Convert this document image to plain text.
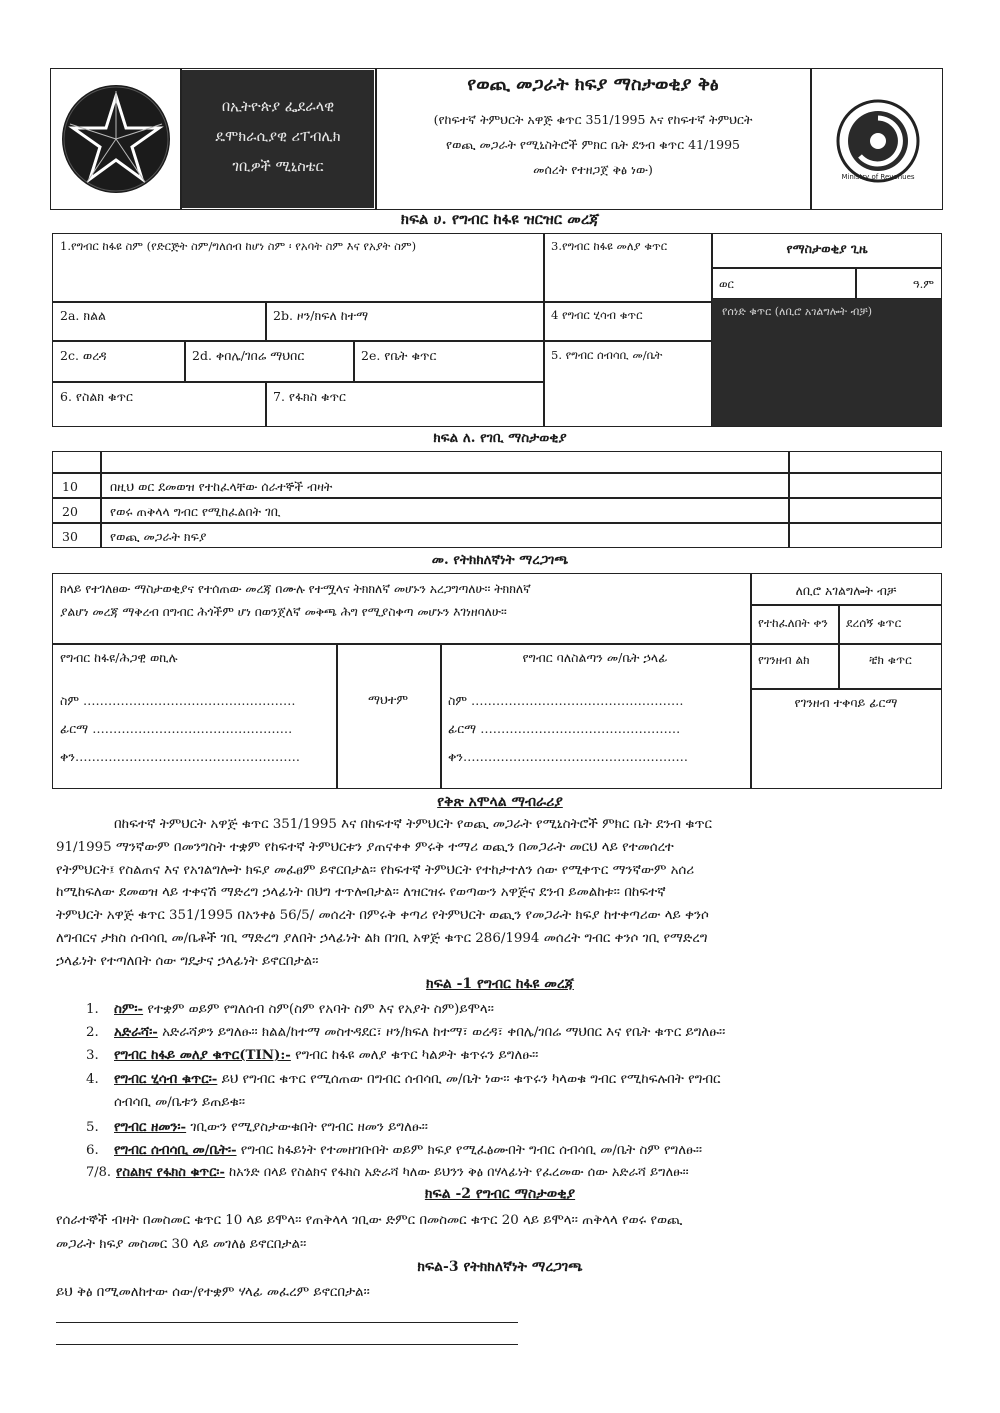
በኢትዮጵያ ፌደራላዊ
ዴሞክራሲያዊ ሪፐብሊክ
ገቢዎች ሚኒስቴር
የወጪ መጋራት ክፍያ ማስታወቂያ ቅፅ
(የከፍተኛ ትምህርት አዋጅ ቁጥር 351/1995 እና የከፍተኛ ትምህርት
የወጪ መጋራት የሚኒስትሮች ምክር ቤት ደንብ ቁጥር 41/1995
መሰረት የተዘጋጀ ቅፅ ነው)	Ministry of Revenues
ክፍል ሀ. የግብር ከፋዩ ዝርዝር መረጃ
1.የግብር ከፋዩ ስም (የድርጅት ስም/ግለሰብ ከሆነ ስም ፡ የአባት ስም እና የአያት ስም)	3.የግብር ከፋዩ መለያ ቁጥር	የማስታወቂያ ጊዜ
ወር	ዓ.ም
የሰነድ ቁጥር (ለቢሮ አገልግሎት ብቻ)
2a. ክልል	2b. ዞን/ክፍለ ከተማ	4 የግብር ሂሳብ ቁጥር
2c. ወረዳ	2d. ቀበሌ/ገበሬ ማህበር	2e. የቤት ቁጥር	5. የግብር ሰብሳቢ መ/ቤት
6. የስልክ ቁጥር	7. የፋክስ ቁጥር
ክፍል ለ. የገቢ ማስታወቂያ
10	በዚህ ወር ደመወዝ የተከፈላቸው ሰራተኞች ብዛት
20	የወሩ ጠቅላላ ግብር የሚከፈልበት ገቢ
30	የወጪ መጋራት ክፍያ
መ. የትክክለኛነት ማረጋገጫ
ክላይ የተገለፀው ማስታወቂያና የተሰጠው መረጃ በሙሉ የተሟላና ትክክለኛ መሆኑን አረጋግጣለሁ፡፡ ትክክለኛ
ያልሆነ መረጃ ማቅረብ በግብር ሕጎችም ሆነ በወንጀለኛ መቅጫ ሕግ የሚያስቀጣ መሆኑን እገነዘባለሁ፡፡
ለቢሮ አገልግሎት ብቻ
የተከፈለበት ቀን	ደረሰኝ ቁጥር
የግብር ከፋዩ/ሕጋዊ ወኪሉ
ማህተም
የግብር ባለስልጣን መ/ቤት ኃላፊ	የገንዘብ ልክ	ቼክ ቁጥር
የገንዘብ ተቀባይ ፊርማ
ስም ……………………………………………
ፊርማ …………………………………………
ቀን………………………………………………
ስም ……………………………………………
ፊርማ …………………………………………
ቀን………………………………………………
የቅጽ አሞላል ማብራሪያ
በከፍተኛ ትምህርት አዋጅ ቁጥር 351/1995 እና በከፍተኛ ትምህርት የወጪ መጋራት የሚኒስትሮች ምክር ቤት ደንብ ቁጥር
91/1995 ማንኛውም በመንግስት ተቋም የከፍተኛ ትምህርቱን ያጠናቀቀ ምሩቅ ተማሪ ወጪን በመጋራት መርህ ላይ የተመሰረተ
የትምህርት፤ የስልጠና እና የአገልግሎት ክፍያ መፈፀም ይኖርበታል፡፡ የከፍተኛ ትምህርት የተከታተለን ሰው የሚቀጥር ማንኛውም አሰሪ
ከሚከፍለው ደመወዝ ላይ ተቀናሽ ማድረግ ኃላፊነት በህግ ተጥሎበታል፡፡ ለዝርዝሩ የወጣውን አዋጅና ደንብ ይመልከቱ፡፡ በከፍተኛ
ትምህርት አዋጅ ቁጥር 351/1995 በአንቀፅ 56/5/ መሰረት በምሩቅ ቀጣሪ የትምህርት ወጪን የመጋራት ክፍያ ከተቀጣሪው ላይ ቀንሶ
ለግብርና ታክስ ሰብሳቢ መ/ቤቶች ገቢ ማድረግ ያለበት ኃላፊነት ልክ በገቢ አዋጅ ቁጥር 286/1994 መሰረት ግብር ቀንሶ ገቢ የማድረግ
ኃላፊነት የተጣለበት ሰው ግዴታና ኃላፊነት ይኖርበታል፡፡
ክፍል -1 የግብር ከፋዩ መረጃ
1. ስም፡- የተቋም ወይም የግለሰብ ስም(ስም የአባት ስም እና የአያት ስም)ይሞላ፡፡
2. አድራሻ፡- አድራሻዎን ይግለፁ፡፡ ክልል/ከተማ መስተዳደር፣ ዞን/ክፍለ ከተማ፣ ወረዳ፣ ቀበሌ/ገበሬ ማህበር እና የቤት ቁጥር ይግለፁ፡፡
3. የግብር ከፋይ መለያ ቁጥር(TIN):- የግብር ከፋዩ መለያ ቁጥር ካልዎት ቁጥሩን ይግለፁ፡፡
4. የግብር ሂሳብ ቁጥር፡- ይህ የግብር ቁጥር የሚሰጠው በግብር ሰብሳቢ መ/ቤት ነው፡፡ ቁጥሩን ካላወቁ ግብር የሚከፍሉበት የግብር
ሰብሳቢ መ/ቤቱን ይጠይቁ፡፡
5. የግብር ዘመን፡- ገቢውን የሚያስታውቁበት የግብር ዘመን ይግለፁ፡፡
6. የግብር ሰብሳቢ መ/ቤት፡- የግብር ከፋይነት የተመዘገቡበት ወይም ክፍያ የሚፈፅሙበት ግብር ሰብሳቢ መ/ቤት ስም የግለፁ፡፡
7/8. የስልክና የፋክስ ቁጥር፡- ከአንድ በላይ የስልክና የፋክስ አድራሻ ካለው ይህንን ቅፅ በሃላፊነት የፈረመው ሰው አድራሻ ይግለፁ፡፡
ክፍል -2 የግብር ማስታወቂያ
የሰራተኞች ብዛት በመስመር ቁጥር 10 ላይ ይሞላ፡፡ የጠቅላላ ገቢው ድምር በመስመር ቁጥር 20 ላይ ይሞላ፡፡ ጠቅላላ የወሩ የወጪ
መጋራት ክፍያ መስመር 30 ላይ መገለፅ ይኖርበታል፡፡
ክፍል-3 የትክክለኛነት ማረጋገጫ
ይህ ቅፅ በሚመለከተው ሰው/የተቋም ሃላፊ መፈረም ይኖርበታል፡፡
